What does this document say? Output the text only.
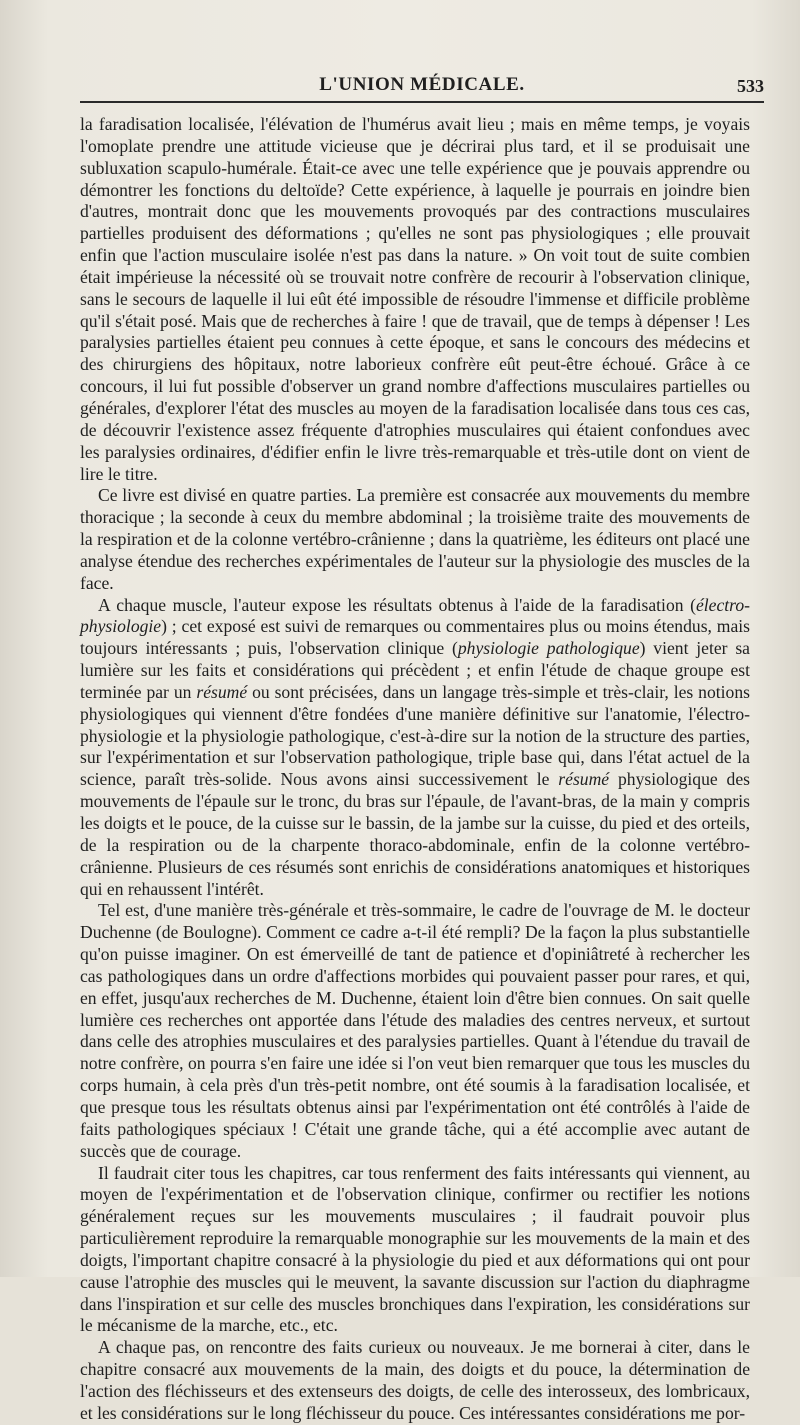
L'UNION MÉDICALE.	533

la faradisation localisée, l'élévation de l'humérus avait lieu ; mais en même temps, je voyais l'omoplate prendre une attitude vicieuse que je décrirai plus tard, et il se produisait une subluxation scapulo-humérale. Était-ce avec une telle expérience que je pouvais apprendre ou démontrer les fonctions du deltoïde? Cette expérience, à laquelle je pourrais en joindre bien d'autres, montrait donc que les mouvements provoqués par des contractions musculaires partielles produisent des déformations ; qu'elles ne sont pas physiologiques ; elle prouvait enfin que l'action musculaire isolée n'est pas dans la nature. » On voit tout de suite combien était impérieuse la nécessité où se trouvait notre confrère de recourir à l'observation clinique, sans le secours de laquelle il lui eût été impossible de résoudre l'immense et difficile problème qu'il s'était posé. Mais que de recherches à faire ! que de travail, que de temps à dépenser ! Les paralysies partielles étaient peu connues à cette époque, et sans le concours des médecins et des chirurgiens des hôpitaux, notre laborieux confrère eût peut-être échoué. Grâce à ce concours, il lui fut possible d'observer un grand nombre d'affections musculaires partielles ou générales, d'explorer l'état des muscles au moyen de la faradisation localisée dans tous ces cas, de découvrir l'existence assez fréquente d'atrophies musculaires qui étaient confondues avec les paralysies ordinaires, d'édifier enfin le livre très-remarquable et très-utile dont on vient de lire le titre.

Ce livre est divisé en quatre parties. La première est consacrée aux mouvements du membre thoracique ; la seconde à ceux du membre abdominal ; la troisième traite des mouvements de la respiration et de la colonne vertébro-crânienne ; dans la quatrième, les éditeurs ont placé une analyse étendue des recherches expérimentales de l'auteur sur la physiologie des muscles de la face.

A chaque muscle, l'auteur expose les résultats obtenus à l'aide de la faradisation (électro-physiologie) ; cet exposé est suivi de remarques ou commentaires plus ou moins étendus, mais toujours intéressants ; puis, l'observation clinique (physiologie pathologique) vient jeter sa lumière sur les faits et considérations qui précèdent ; et enfin l'étude de chaque groupe est terminée par un résumé ou sont précisées, dans un langage très-simple et très-clair, les notions physiologiques qui viennent d'être fondées d'une manière définitive sur l'anatomie, l'électro-physiologie et la physiologie pathologique, c'est-à-dire sur la notion de la structure des parties, sur l'expérimentation et sur l'observation pathologique, triple base qui, dans l'état actuel de la science, paraît très-solide. Nous avons ainsi successivement le résumé physiologique des mouvements de l'épaule sur le tronc, du bras sur l'épaule, de l'avant-bras, de la main y compris les doigts et le pouce, de la cuisse sur le bassin, de la jambe sur la cuisse, du pied et des orteils, de la respiration ou de la charpente thoraco-abdominale, enfin de la colonne vertébro-crânienne. Plusieurs de ces résumés sont enrichis de considérations anatomiques et historiques qui en rehaussent l'intérêt.

Tel est, d'une manière très-générale et très-sommaire, le cadre de l'ouvrage de M. le docteur Duchenne (de Boulogne). Comment ce cadre a-t-il été rempli? De la façon la plus substantielle qu'on puisse imaginer. On est émerveillé de tant de patience et d'opiniâtreté à rechercher les cas pathologiques dans un ordre d'affections morbides qui pouvaient passer pour rares, et qui, en effet, jusqu'aux recherches de M. Duchenne, étaient loin d'être bien connues. On sait quelle lumière ces recherches ont apportée dans l'étude des maladies des centres nerveux, et surtout dans celle des atrophies musculaires et des paralysies partielles. Quant à l'étendue du travail de notre confrère, on pourra s'en faire une idée si l'on veut bien remarquer que tous les muscles du corps humain, à cela près d'un très-petit nombre, ont été soumis à la faradisation localisée, et que presque tous les résultats obtenus ainsi par l'expérimentation ont été contrôlés à l'aide de faits pathologiques spéciaux ! C'était une grande tâche, qui a été accomplie avec autant de succès que de courage.

Il faudrait citer tous les chapitres, car tous renferment des faits intéressants qui viennent, au moyen de l'expérimentation et de l'observation clinique, confirmer ou rectifier les notions généralement reçues sur les mouvements musculaires ; il faudrait pouvoir plus particulièrement reproduire la remarquable monographie sur les mouvements de la main et des doigts, l'important chapitre consacré à la physiologie du pied et aux déformations qui ont pour cause l'atrophie des muscles qui le meuvent, la savante discussion sur l'action du diaphragme dans l'inspiration et sur celle des muscles bronchiques dans l'expiration, les considérations sur le mécanisme de la marche, etc., etc.

A chaque pas, on rencontre des faits curieux ou nouveaux. Je me bornerai à citer, dans le chapitre consacré aux mouvements de la main, des doigts et du pouce, la détermination de l'action des fléchisseurs et des extenseurs des doigts, de celle des interosseux, des lombricaux, et les considérations sur le long fléchisseur du pouce. Ces intéressantes considérations me por-
